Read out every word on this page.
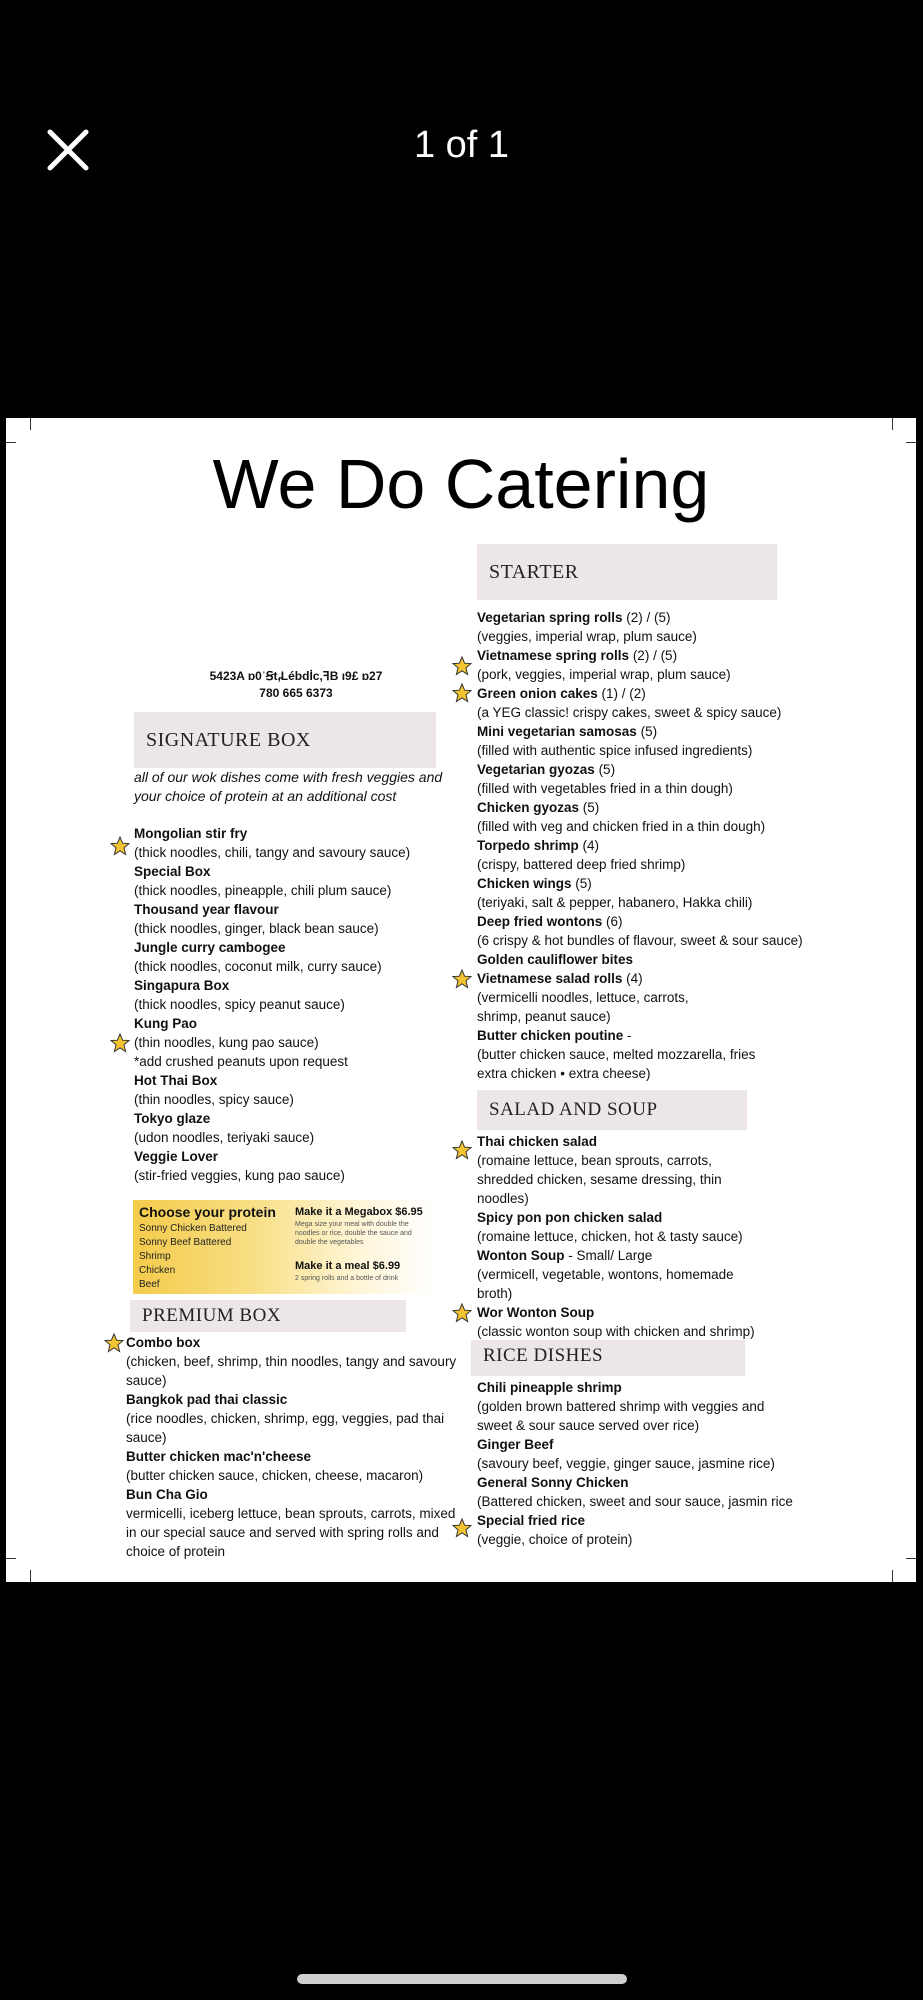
1 of 1
We Do Catering
5423A ɒ0ˈꞨt,̵Lébdİc,ꟻB ı9£ ɒ27
780 665 6373
SIGNATURE BOX
all of our wok dishes come with fresh veggies and your choice of protein at an additional cost
Mongolian stir fry
(thick noodles, chili, tangy and savoury sauce)
Special Box
(thick noodles, pineapple, chili plum sauce)
Thousand year flavour
(thick noodles, ginger, black bean sauce)
Jungle curry cambogee
(thick noodles, coconut milk, curry sauce)
Singapura Box
(thick noodles, spicy peanut sauce)
Kung Pao
(thin noodles, kung pao sauce)
*add crushed peanuts upon request
Hot Thai Box
(thin noodles, spicy sauce)
Tokyo glaze
(udon noodles, teriyaki sauce)
Veggie Lover
(stir-fried veggies, kung pao sauce)
Choose your protein
Sonny Chicken Battered
Sonny Beef Battered
Shrimp
Chicken
Beef
Make it a Megabox $6.95
Mega size your meal with double the noodles or rice, double the sauce and double the vegetables
Make it a meal $6.99
2 spring rolls and a bottle of drink
PREMIUM BOX
Combo box
(chicken, beef, shrimp, thin noodles, tangy and savoury
sauce)
Bangkok pad thai classic
(rice noodles, chicken, shrimp, egg, veggies, pad thai
sauce)
Butter chicken mac'n'cheese
(butter chicken sauce, chicken, cheese, macaron)
Bun Cha Gio
vermicelli, iceberg lettuce, bean sprouts, carrots, mixed
in our special sauce and served with spring rolls and
choice of protein
STARTER
Vegetarian spring rolls (2) / (5)
(veggies, imperial wrap, plum sauce)
Vietnamese spring rolls (2) / (5)
(pork, veggies, imperial wrap, plum sauce)
Green onion cakes (1) / (2)
(a YEG classic! crispy cakes, sweet & spicy sauce)
Mini vegetarian samosas (5)
(filled with authentic spice infused ingredients)
Vegetarian gyozas (5)
(filled with vegetables fried in a thin dough)
Chicken gyozas (5)
(filled with veg and chicken fried in a thin dough)
Torpedo shrimp (4)
(crispy, battered deep fried shrimp)
Chicken wings (5)
(teriyaki, salt & pepper, habanero, Hakka chili)
Deep fried wontons (6)
(6 crispy & hot bundles of flavour, sweet & sour sauce)
Golden cauliflower bites
Vietnamese salad rolls (4)
(vermicelli noodles, lettuce, carrots,
shrimp, peanut sauce)
Butter chicken poutine -
(butter chicken sauce, melted mozzarella, fries
extra chicken • extra cheese)
SALAD AND SOUP
Thai chicken salad
(romaine lettuce, bean sprouts, carrots,
shredded chicken, sesame dressing, thin
noodles)
Spicy pon pon chicken salad
(romaine lettuce, chicken, hot & tasty sauce)
Wonton Soup - Small/ Large
(vermicell, vegetable, wontons, homemade
broth)
Wor Wonton Soup
(classic wonton soup with chicken and shrimp)
RICE DISHES
Chili pineapple shrimp
(golden brown battered shrimp with veggies and
sweet & sour sauce served over rice)
Ginger Beef
(savoury beef, veggie, ginger sauce, jasmine rice)
General Sonny Chicken
(Battered chicken, sweet and sour sauce, jasmin rice
Special fried rice
(veggie, choice of protein)
